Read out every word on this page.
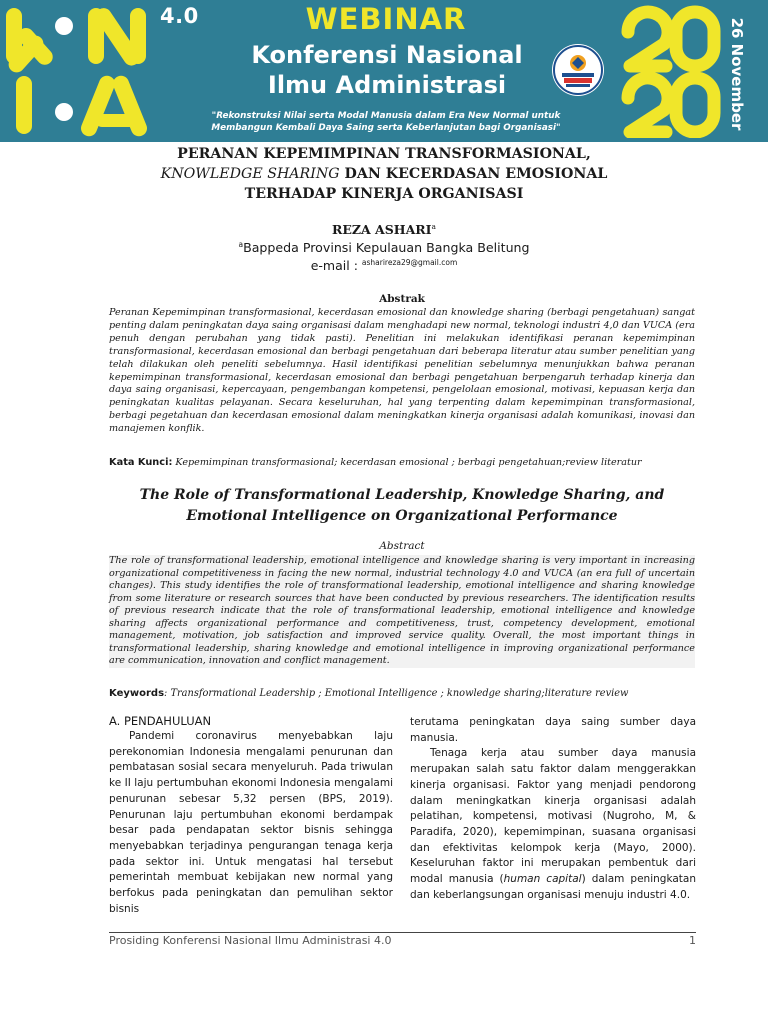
4.0	WEBINAR
Konferensi Nasional
Ilmu Administrasi
"Rekonstruksi Nilai serta Modal Manusia dalam Era New Normal untuk
Membangun Kembali Daya Saing serta Keberlanjutan bagi Organisasi"	26 November
PERANAN KEPEMIMPINAN TRANSFORMASIONAL,
KNOWLEDGE SHARING DAN KECERDASAN EMOSIONAL
TERHADAP KINERJA ORGANISASI
REZA ASHARI$^a$
$^a$Bappeda Provinsi Kepulauan Bangka Belitung
e-mail : $^{asharireza29@gmail.com}$
Abstrak
Peranan Kepemimpinan transformasional, kecerdasan emosional dan knowledge sharing (berbagi pengetahuan) sangat penting dalam peningkatan daya saing organisasi dalam menghadapi new normal, teknologi industri 4,0 dan VUCA (era penuh dengan perubahan yang tidak pasti). Penelitian ini melakukan identifikasi peranan kepemimpinan transformasional, kecerdasan emosional dan berbagi pengetahuan dari beberapa literatur atau sumber penelitian yang telah dilakukan oleh peneliti sebelumnya. Hasil identifikasi penelitian sebelumnya menunjukkan bahwa peranan kepemimpinan transformasional, kecerdasan emosional dan berbagi pengetahuan berpengaruh terhadap kinerja dan daya saing organisasi, kepercayaan, pengembangan kompetensi, pengelolaan emosional, motivasi, kepuasan kerja dan peningkatan kualitas pelayanan. Secara keseluruhan, hal yang terpenting dalam kepemimpinan transformasional, berbagi pegetahuan dan kecerdasan emosional dalam meningkatkan kinerja organisasi adalah komunikasi, inovasi dan manajemen konflik.
Kata Kunci: Kepemimpinan transformasional; kecerdasan emosional ; berbagi pengetahuan;review literatur
The Role of Transformational Leadership, Knowledge Sharing, and
Emotional Intelligence on Organizational Performance
Abstract
The role of transformational leadership, emotional intelligence and knowledge sharing is very important in increasing organizational competitiveness in facing the new normal, industrial technology 4.0 and VUCA (an era full of uncertain changes). This study identifies the role of transformational leadership, emotional intelligence and sharing knowledge from some literature or research sources that have been conducted by previous researchers. The identification results of previous research indicate that the role of transformational leadership, emotional intelligence and knowledge sharing affects organizational performance and competitiveness, trust, competency development, emotional management, motivation, job satisfaction and improved service quality. Overall, the most important things in transformational leadership, sharing knowledge and emotional intelligence in improving organizational performance are communication, innovation and conflict management.
Keywords: Transformational Leadership ; Emotional Intelligence ; knowledge sharing;literature review
A. PENDAHULUAN

Pandemi coronavirus menyebabkan laju perekonomian Indonesia mengalami penurunan dan pembatasan sosial secara menyeluruh. Pada triwulan ke II laju pertumbuhan ekonomi Indonesia mengalami penurunan sebesar 5,32 persen (BPS, 2019). Penurunan laju pertumbuhan ekonomi berdampak besar pada pendapatan sektor bisnis sehingga menyebabkan terjadinya pengurangan tenaga kerja pada sektor ini. Untuk mengatasi hal tersebut pemerintah membuat kebijakan new normal yang berfokus pada peningkatan dan pemulihan sektor bisnis

terutama peningkatan daya saing sumber daya manusia.

Tenaga kerja atau sumber daya manusia merupakan salah satu faktor dalam menggerakkan kinerja organisasi. Faktor yang menjadi pendorong dalam meningkatkan kinerja organisasi adalah pelatihan, kompetensi, motivasi (Nugroho, M, & Paradifa, 2020), kepemimpinan, suasana organisasi dan efektivitas kelompok kerja (Mayo, 2000). Keseluruhan faktor ini merupakan pembentuk dari modal manusia (human capital) dalam peningkatan dan keberlangsungan organisasi menuju industri 4.0.

Prosiding Konferensi Nasional Ilmu Administrasi 4.0	1
